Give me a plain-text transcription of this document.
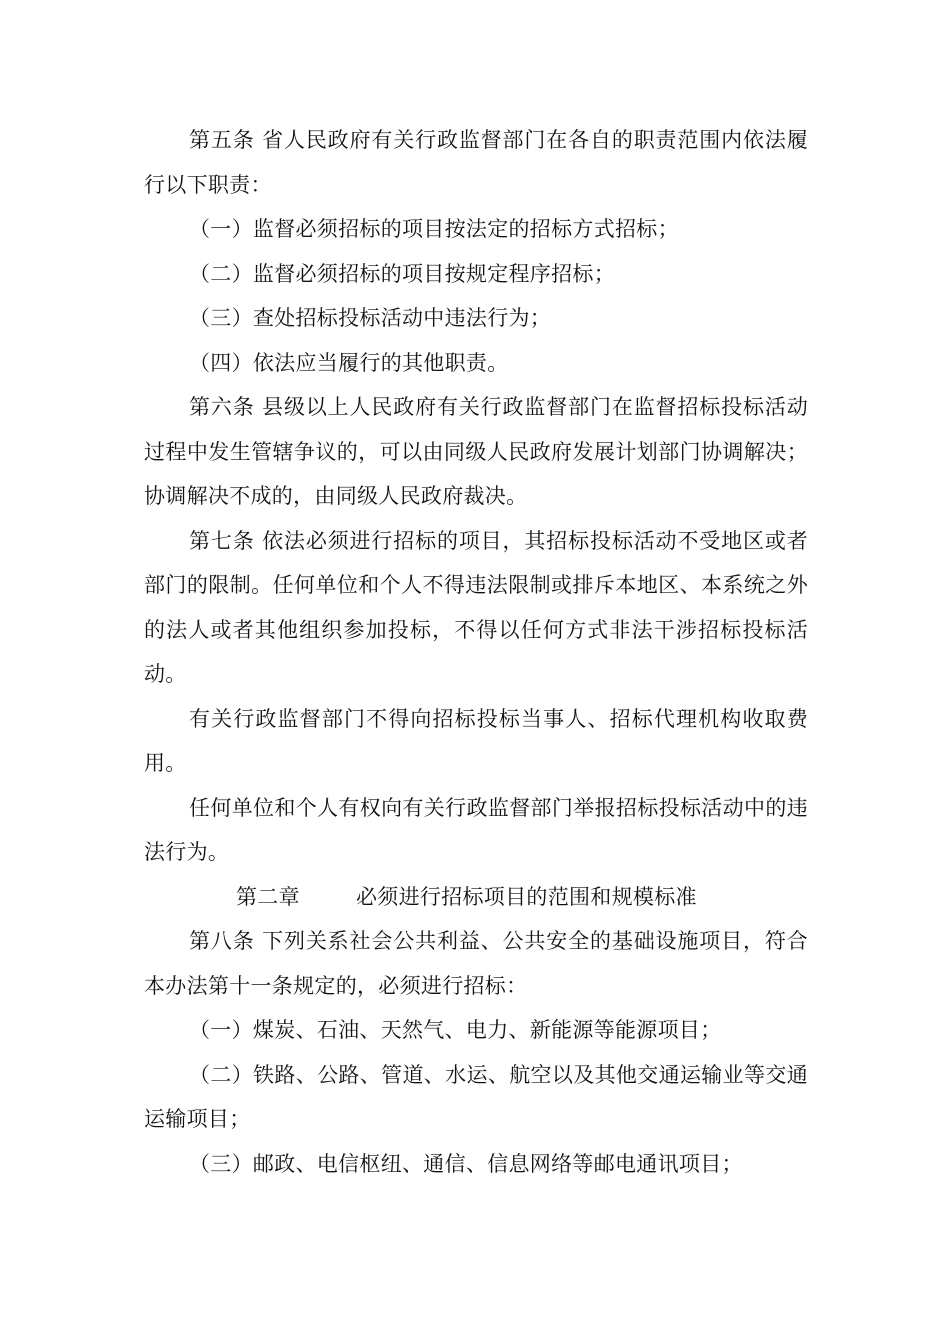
第五条 省人民政府有关行政监督部门在各自的职责范围内依法履行以下职责：

（一）监督必须招标的项目按法定的招标方式招标；

（二）监督必须招标的项目按规定程序招标；

（三）查处招标投标活动中违法行为；

（四）依法应当履行的其他职责。

第六条 县级以上人民政府有关行政监督部门在监督招标投标活动过程中发生管辖争议的，可以由同级人民政府发展计划部门协调解决；协调解决不成的，由同级人民政府裁决。

第七条 依法必须进行招标的项目，其招标投标活动不受地区或者部门的限制。任何单位和个人不得违法限制或排斥本地区、本系统之外的法人或者其他组织参加投标，不得以任何方式非法干涉招标投标活动。

有关行政监督部门不得向招标投标当事人、招标代理机构收取费用。

任何单位和个人有权向有关行政监督部门举报招标投标活动中的违法行为。

第二章	必须进行招标项目的范围和规模标准

第八条 下列关系社会公共利益、公共安全的基础设施项目，符合本办法第十一条规定的，必须进行招标：

（一）煤炭、石油、天然气、电力、新能源等能源项目；

（二）铁路、公路、管道、水运、航空以及其他交通运输业等交通运输项目；

（三）邮政、电信枢纽、通信、信息网络等邮电通讯项目；
